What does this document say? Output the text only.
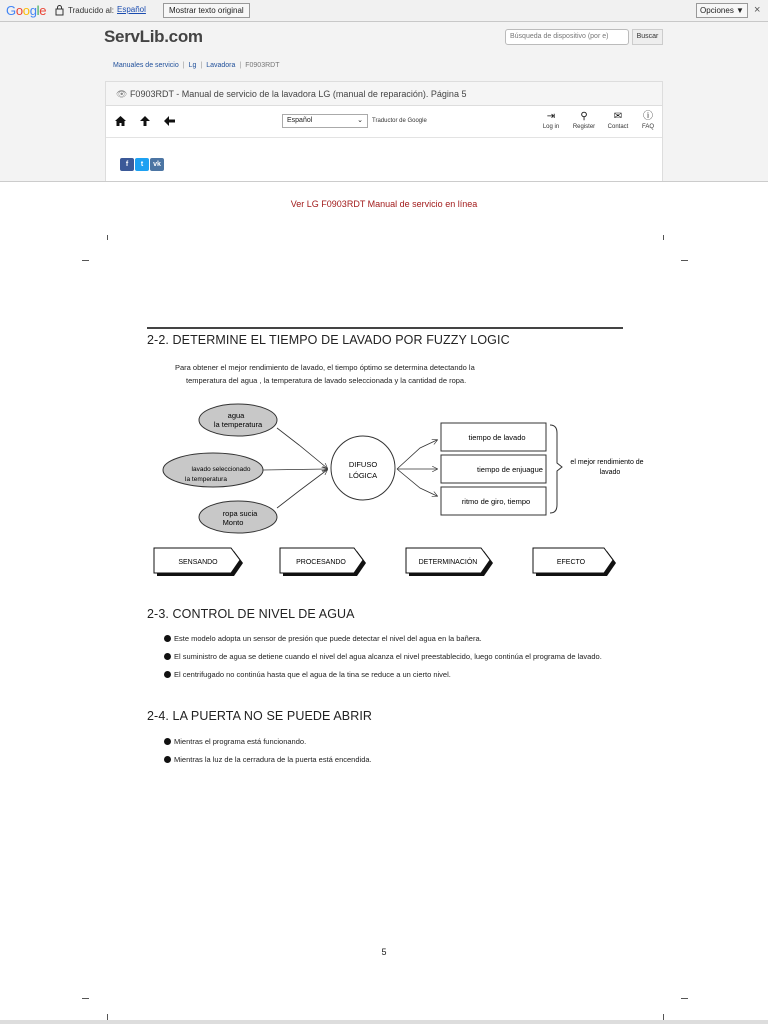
Google	Traducido al: Español	Mostrar texto original	Opciones ▼ ×
ServLib.com	Búsqueda de dispositivo (por e)	Buscar
Manuales de servicio | Lg | Lavadora | F0903RDT
👁 F0903RDT - Manual de servicio de la lavadora LG (manual de reparación). Página 5
Español	⌄ Traductor de Google	⇥
Log in
⚲
Register
✉
Contact
ⓘ
FAQ
f t vk
Ver LG F0903RDT Manual de servicio en línea
2-2. DETERMINE EL TIEMPO DE LAVADO POR FUZZY LOGIC
Para obtener el mejor rendimiento de lavado, el tiempo óptimo se determina detectando la
temperatura del agua , la temperatura de lavado seleccionada y la cantidad de ropa.
agua
la temperatura
lavado seleccionado
la temperatura
ropa sucia
Monto
DIFUSO
LÓGICA
tiempo de lavado
tiempo de enjuague
ritmo de giro, tiempo
el mejor rendimiento de
lavado
SENSANDO	PROCESANDO	DETERMINACIÓN	EFECTO
2-3. CONTROL DE NIVEL DE AGUA
Este modelo adopta un sensor de presión que puede detectar el nivel del agua en la bañera.
El suministro de agua se detiene cuando el nivel del agua alcanza el nivel preestablecido, luego continúa el programa de lavado.
El centrifugado no continúa hasta que el agua de la tina se reduce a un cierto nivel.
2-4. LA PUERTA NO SE PUEDE ABRIR
Mientras el programa está funcionando.
Mientras la luz de la cerradura de la puerta está encendida.
5
